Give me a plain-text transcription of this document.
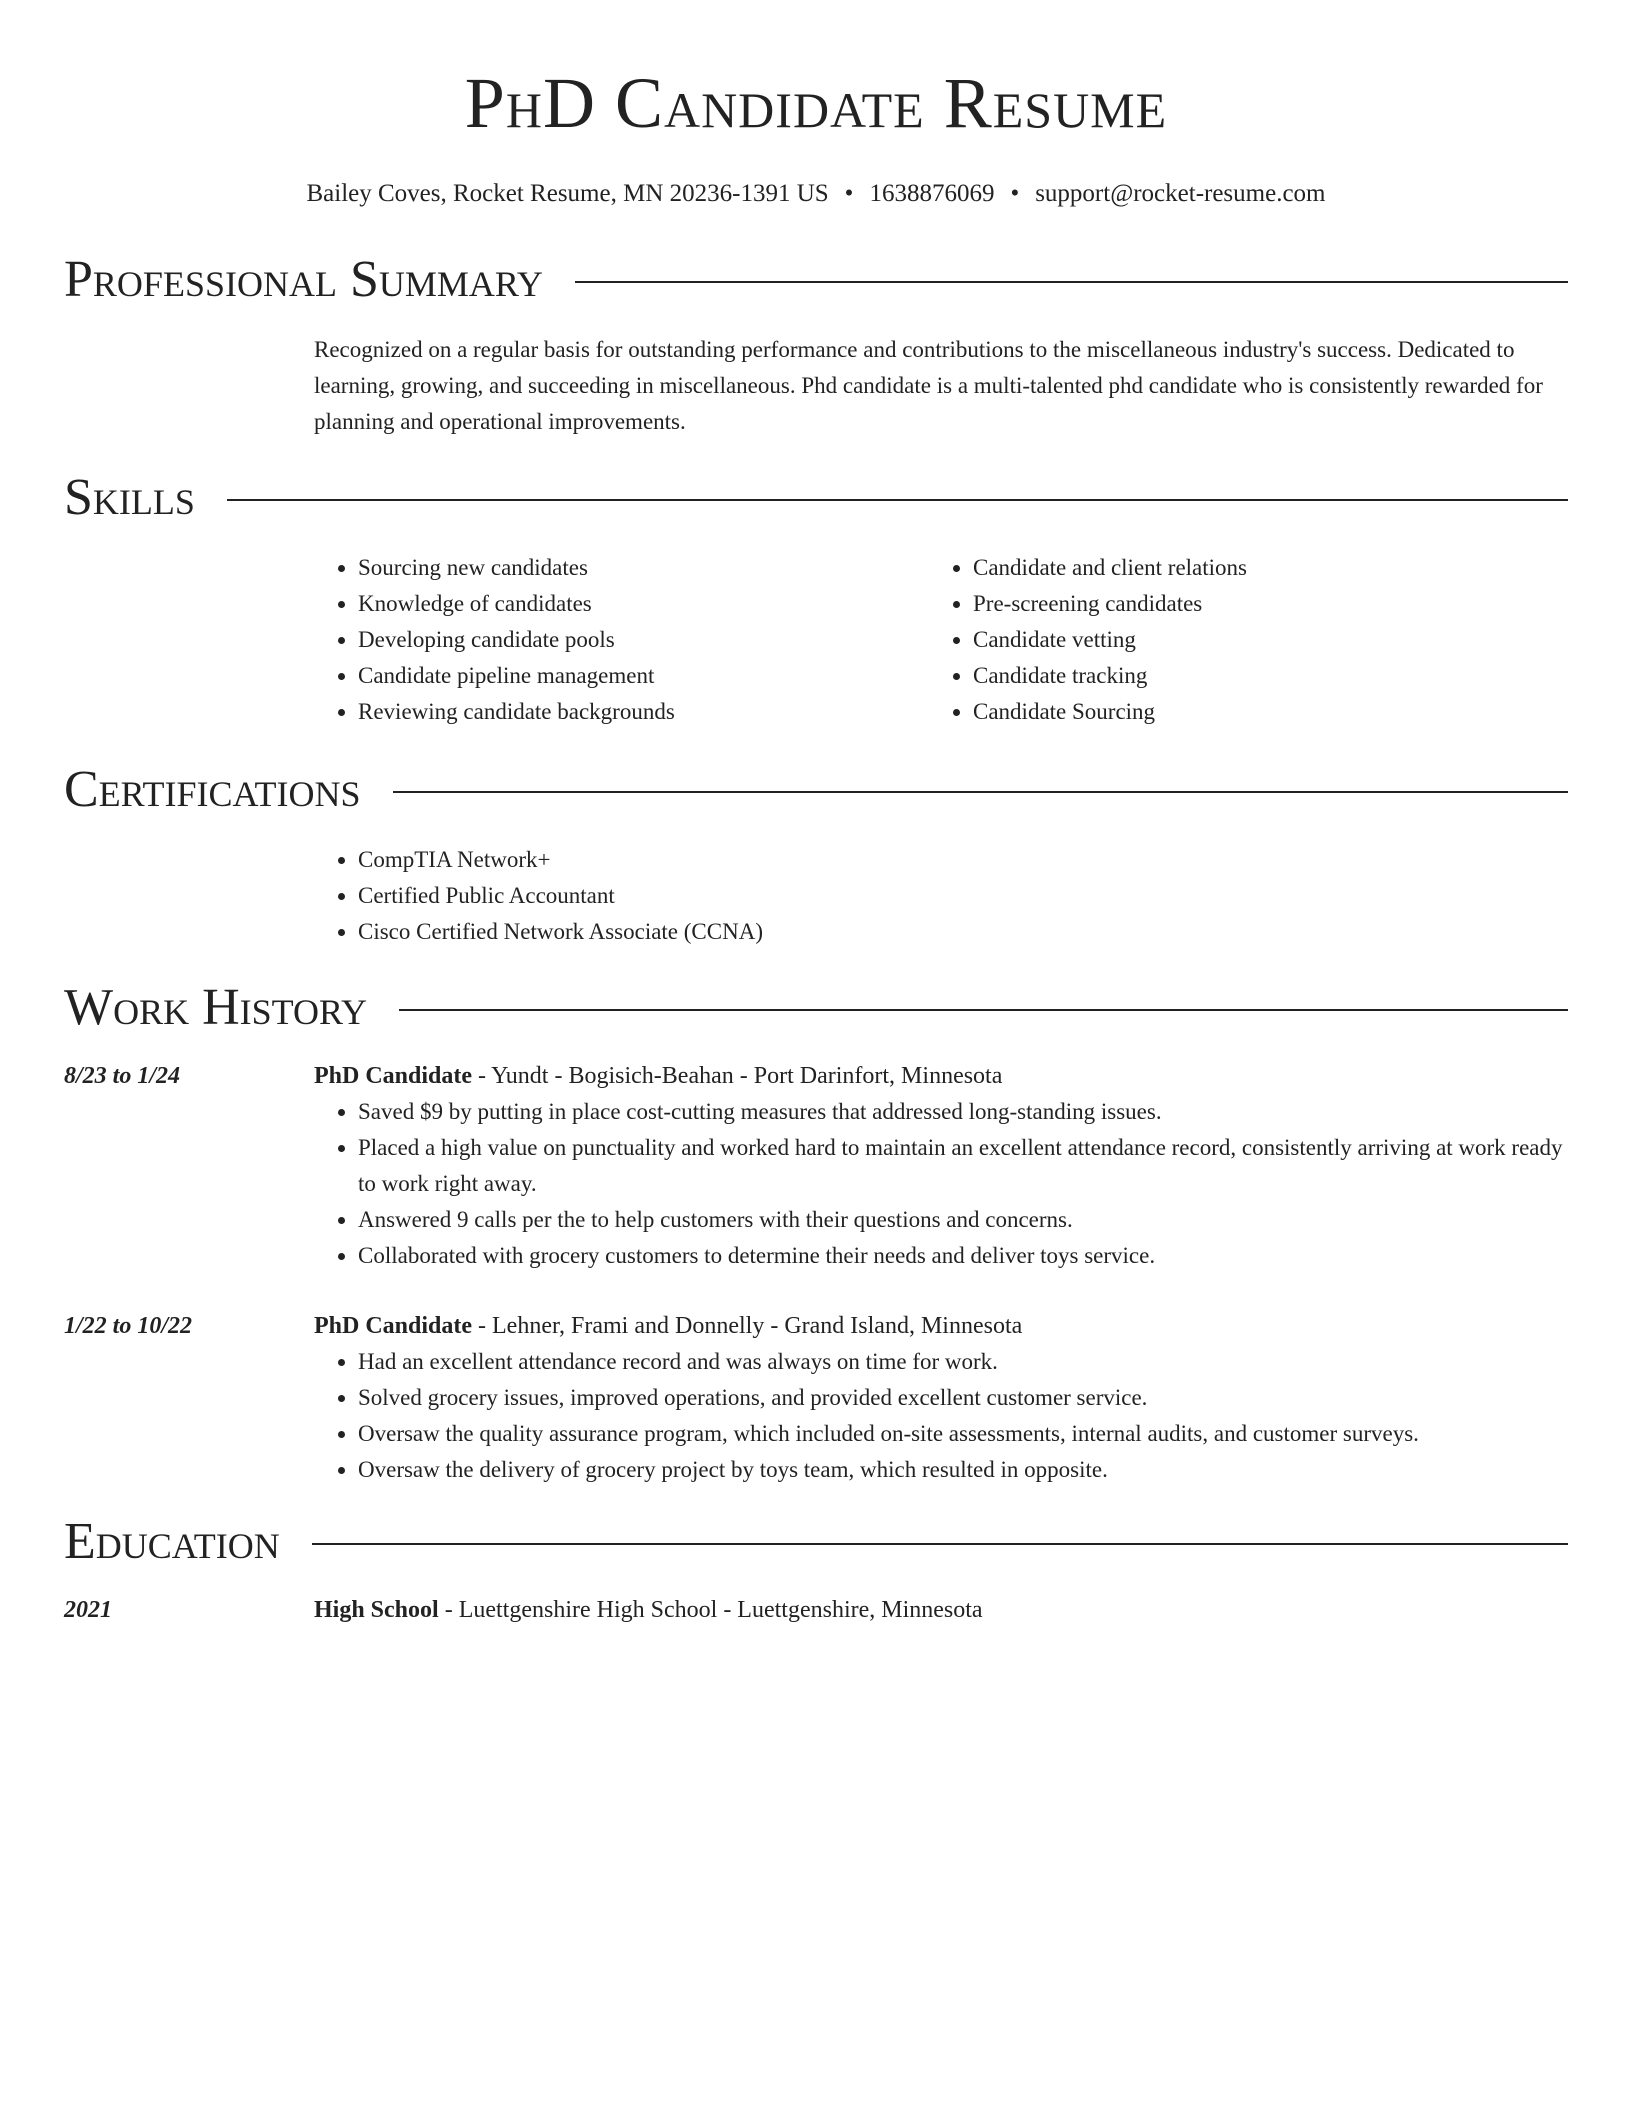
PhD Candidate Resume
Bailey Coves, Rocket Resume, MN 20236-1391 US • 1638876069 • support@rocket-resume.com
Professional Summary

Recognized on a regular basis for outstanding performance and contributions to the miscellaneous industry's success. Dedicated to learning, growing, and succeeding in miscellaneous. Phd candidate is a multi-talented phd candidate who is consistently rewarded for planning and operational improvements.

Skills
• Sourcing new candidates
• Knowledge of candidates
• Developing candidate pools
• Candidate pipeline management
• Reviewing candidate backgrounds
• Candidate and client relations
• Pre-screening candidates
• Candidate vetting
• Candidate tracking
• Candidate Sourcing
Certifications
• CompTIA Network+
• Certified Public Accountant
• Cisco Certified Network Associate (CCNA)
Work History
8/23 to 1/24	PhD Candidate - Yundt - Bogisich-Beahan - Port Darinfort, Minnesota
• Saved $9 by putting in place cost-cutting measures that addressed long-standing issues.
• Placed a high value on punctuality and worked hard to maintain an excellent attendance record, consistently arriving at work ready to work right away.
• Answered 9 calls per the to help customers with their questions and concerns.
• Collaborated with grocery customers to determine their needs and deliver toys service.
1/22 to 10/22	PhD Candidate - Lehner, Frami and Donnelly - Grand Island, Minnesota
• Had an excellent attendance record and was always on time for work.
• Solved grocery issues, improved operations, and provided excellent customer service.
• Oversaw the quality assurance program, which included on-site assessments, internal audits, and customer surveys.
• Oversaw the delivery of grocery project by toys team, which resulted in opposite.
Education
2021	High School - Luettgenshire High School - Luettgenshire, Minnesota
